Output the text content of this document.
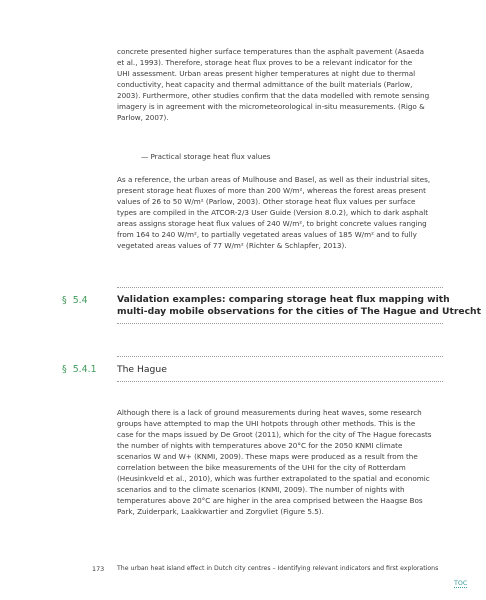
concrete presented higher surface temperatures than the asphalt pavement (Asaeda
et al., 1993). Therefore, storage heat flux proves to be a relevant indicator for the
UHI assessment. Urban areas present higher temperatures at night due to thermal
conductivity, heat capacity and thermal admittance of the built materials (Parlow,
2003). Furthermore, other studies confirm that the data modelled with remote sensing
imagery is in agreement with the micrometeorological in-situ measurements. (Rigo &
Parlow, 2007).
— Practical storage heat flux values
As a reference, the urban areas of Mulhouse and Basel, as well as their industrial sites,
present storage heat fluxes of more than 200 W/m², whereas the forest areas present
values of 26 to 50 W/m² (Parlow, 2003). Other storage heat flux values per surface
types are compiled in the ATCOR-2/3 User Guide (Version 8.0.2), which to dark asphalt
areas assigns storage heat flux values of 240 W/m², to bright concrete values ranging
from 164 to 240 W/m², to partially vegetated areas values of 185 W/m² and to fully
vegetated areas values of 77 W/m² (Richter & Schlapfer, 2013).
§ 5.4	Validation examples: comparing storage heat flux mapping with
multi-day mobile observations for the cities of The Hague and Utrecht
§ 5.4.1 The Hague
Although there is a lack of ground measurements during heat waves, some research
groups have attempted to map the UHI hotpots through other methods. This is the
case for the maps issued by De Groot (2011), which for the city of The Hague forecasts
the number of nights with temperatures above 20°C for the 2050 KNMI climate
scenarios W and W+ (KNMI, 2009). These maps were produced as a result from the
correlation between the bike measurements of the UHI for the city of Rotterdam
(Heusinkveld et al., 2010), which was further extrapolated to the spatial and economic
scenarios and to the climate scenarios (KNMI, 2009). The number of nights with
temperatures above 20°C are higher in the area comprised between the Haagse Bos
Park, Zuiderpark, Laakkwartier and Zorgvliet (Figure 5.5).
173 The urban heat island effect in Dutch city centres – Identifying relevant indicators and first explorations
TOC
